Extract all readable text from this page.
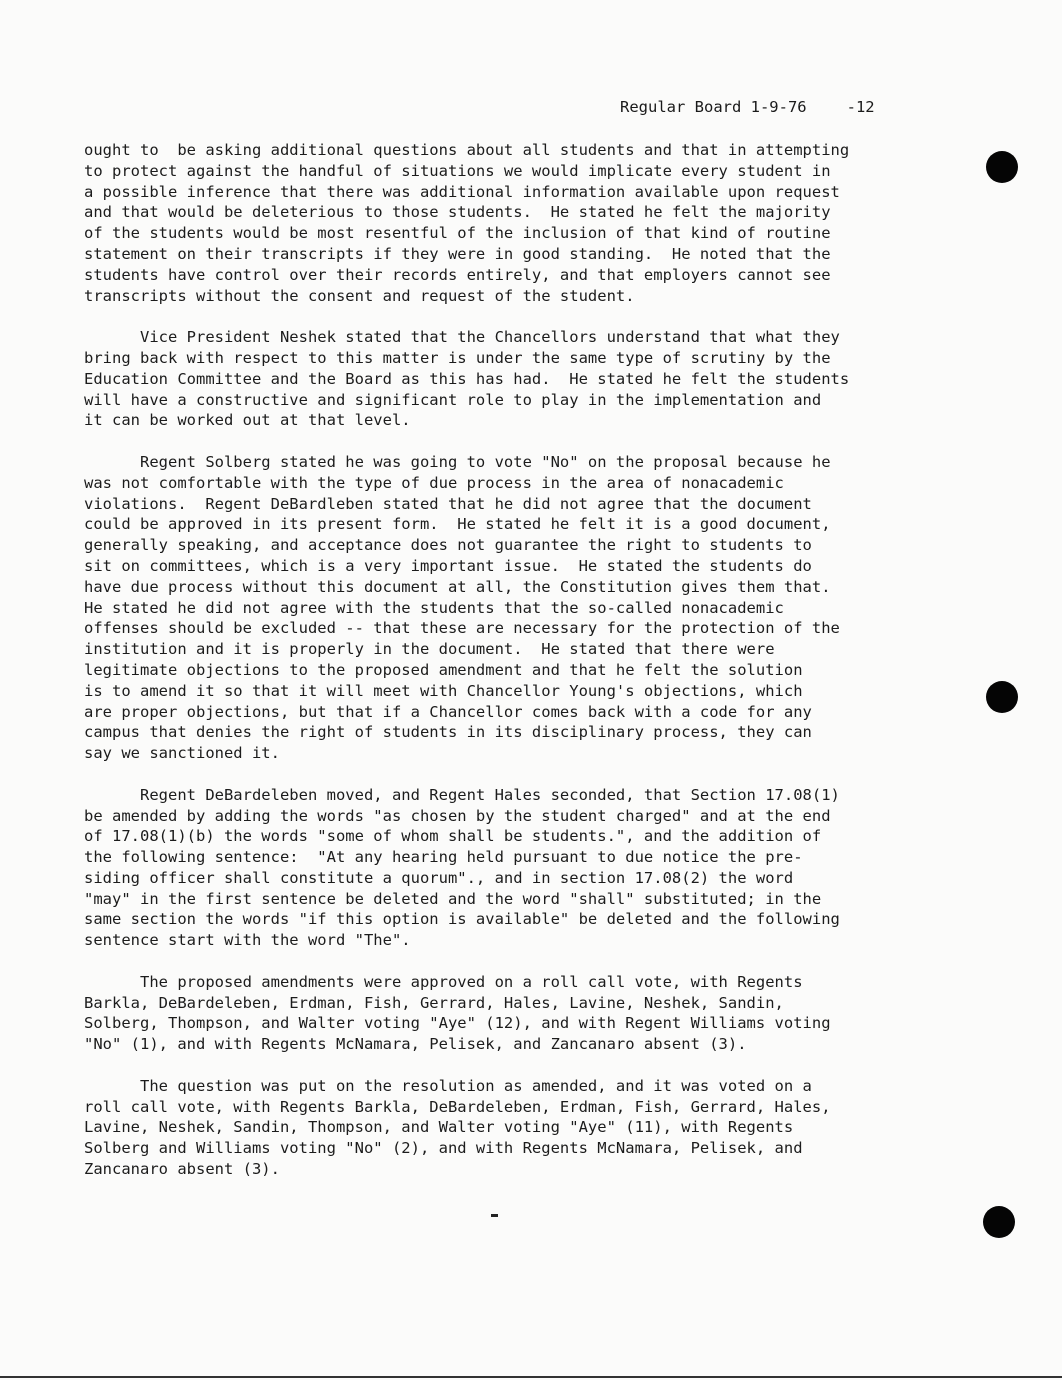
Regular Board 1-9-76	-12

ought to  be asking additional questions about all students and that in attempting
to protect against the handful of situations we would implicate every student in
a possible inference that there was additional information available upon request
and that would be deleterious to those students.  He stated he felt the majority
of the students would be most resentful of the inclusion of that kind of routine
statement on their transcripts if they were in good standing.  He noted that the
students have control over their records entirely, and that employers cannot see
transcripts without the consent and request of the student.

Vice President Neshek stated that the Chancellors understand that what they
bring back with respect to this matter is under the same type of scrutiny by the
Education Committee and the Board as this has had.  He stated he felt the students
will have a constructive and significant role to play in the implementation and
it can be worked out at that level.

Regent Solberg stated he was going to vote "No" on the proposal because he
was not comfortable with the type of due process in the area of nonacademic
violations.  Regent DeBardleben stated that he did not agree that the document
could be approved in its present form.  He stated he felt it is a good document,
generally speaking, and acceptance does not guarantee the right to students to
sit on committees, which is a very important issue.  He stated the students do
have due process without this document at all, the Constitution gives them that.
He stated he did not agree with the students that the so-called nonacademic
offenses should be excluded -- that these are necessary for the protection of the
institution and it is properly in the document.  He stated that there were
legitimate objections to the proposed amendment and that he felt the solution
is to amend it so that it will meet with Chancellor Young's objections, which
are proper objections, but that if a Chancellor comes back with a code for any
campus that denies the right of students in its disciplinary process, they can
say we sanctioned it.

Regent DeBardeleben moved, and Regent Hales seconded, that Section 17.08(1)
be amended by adding the words "as chosen by the student charged" and at the end
of 17.08(1)(b) the words "some of whom shall be students.", and the addition of
the following sentence:  "At any hearing held pursuant to due notice the pre-
siding officer shall constitute a quorum"., and in section 17.08(2) the word
"may" in the first sentence be deleted and the word "shall" substituted; in the
same section the words "if this option is available" be deleted and the following
sentence start with the word "The".

The proposed amendments were approved on a roll call vote, with Regents
Barkla, DeBardeleben, Erdman, Fish, Gerrard, Hales, Lavine, Neshek, Sandin,
Solberg, Thompson, and Walter voting "Aye" (12), and with Regent Williams voting
"No" (1), and with Regents McNamara, Pelisek, and Zancanaro absent (3).

The question was put on the resolution as amended, and it was voted on a
roll call vote, with Regents Barkla, DeBardeleben, Erdman, Fish, Gerrard, Hales,
Lavine, Neshek, Sandin, Thompson, and Walter voting "Aye" (11), with Regents
Solberg and Williams voting "No" (2), and with Regents McNamara, Pelisek, and
Zancanaro absent (3).
